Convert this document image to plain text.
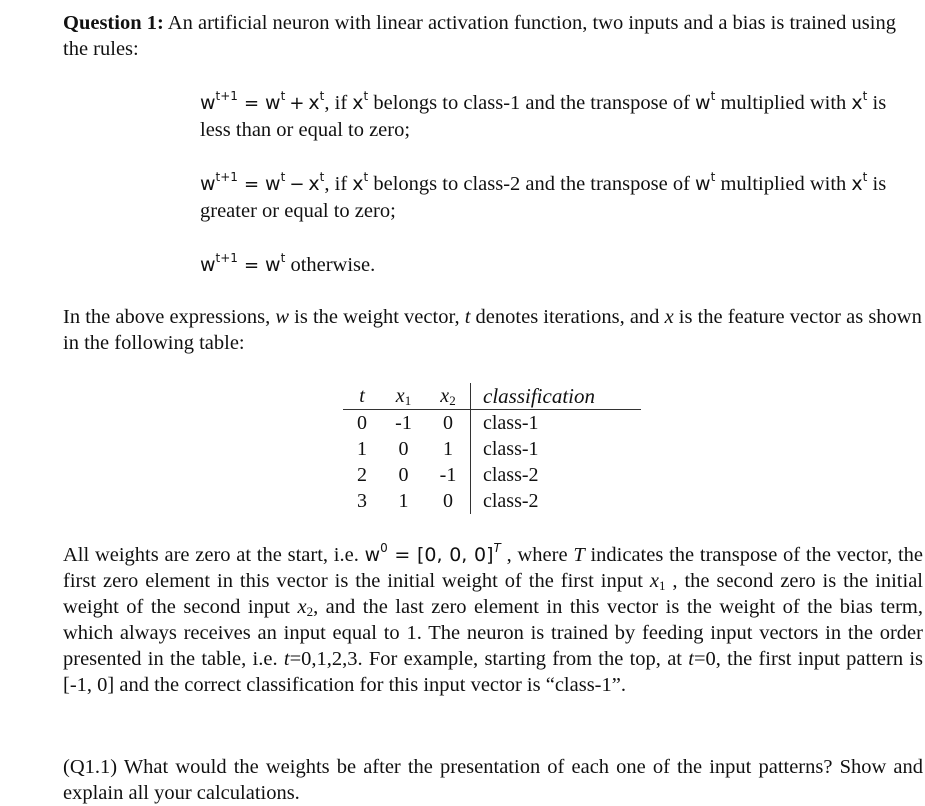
Question 1: An artificial neuron with linear activation function, two inputs and a bias is trained using the rules:

$w^{t+1} = w^t + x^t$, if $x^t$ belongs to class-1 and the transpose of $w^t$ multiplied with $x^t$ is less than or equal to zero;

$w^{t+1} = w^t - x^t$, if $x^t$ belongs to class-2 and the transpose of $w^t$ multiplied with $x^t$ is greater or equal to zero;

$w^{t+1} = w^t$ otherwise.

In the above expressions, w is the weight vector, t denotes iterations, and x is the feature vector as shown in the following table:

t	$x_1$	$x_2$	classification
0	-1	0	class-1
1	0	1	class-1
2	0	-1	class-2
3	1	0	class-2

All weights are zero at the start, i.e. $w^0 = [0$, 0, 0]$^T$ , where T indicates the transpose of the vector, the first zero element in this vector is the initial weight of the first input $x_1$ , the second zero is the initial weight of the second input $x_2$, and the last zero element in this vector is the weight of the bias term, which always receives an input equal to 1. The neuron is trained by feeding input vectors in the order presented in the table, i.e. t=0,1,2,3. For example, starting from the top, at t=0, the first input pattern is [-1, 0] and the correct classification for this input vector is “class-1”.

(Q1.1) What would the weights be after the presentation of each one of the input patterns? Show and explain all your calculations.
